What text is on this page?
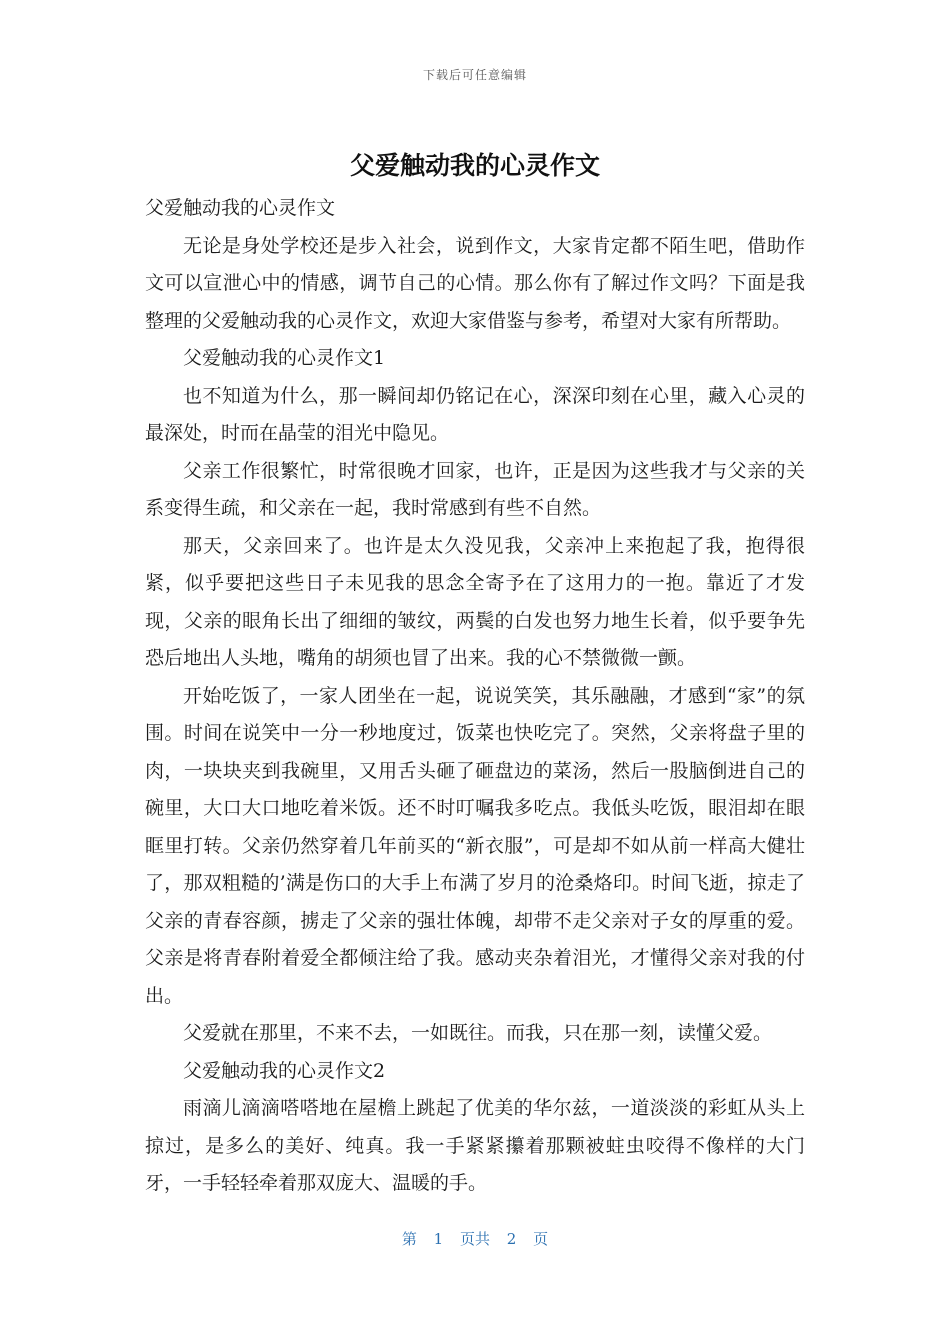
下载后可任意编辑
父爱触动我的心灵作文

父爱触动我的心灵作文

无论是身处学校还是步入社会，说到作文，大家肯定都不陌生吧，借助作文可以宣泄心中的情感，调节自己的心情。那么你有了解过作文吗？下面是我整理的父爱触动我的心灵作文，欢迎大家借鉴与参考，希望对大家有所帮助。

父爱触动我的心灵作文1

也不知道为什么，那一瞬间却仍铭记在心，深深印刻在心里，藏入心灵的最深处，时而在晶莹的泪光中隐见。

父亲工作很繁忙，时常很晚才回家，也许，正是因为这些我才与父亲的关系变得生疏，和父亲在一起，我时常感到有些不自然。

那天，父亲回来了。也许是太久没见我，父亲冲上来抱起了我，抱得很紧，似乎要把这些日子未见我的思念全寄予在了这用力的一抱。靠近了才发现，父亲的眼角长出了细细的皱纹，两鬓的白发也努力地生长着，似乎要争先恐后地出人头地，嘴角的胡须也冒了出来。我的心不禁微微一颤。

开始吃饭了，一家人团坐在一起，说说笑笑，其乐融融，才感到“家”的氛围。时间在说笑中一分一秒地度过，饭菜也快吃完了。突然，父亲将盘子里的肉，一块块夹到我碗里，又用舌头砸了砸盘边的菜汤，然后一股脑倒进自己的碗里，大口大口地吃着米饭。还不时叮嘱我多吃点。我低头吃饭，眼泪却在眼眶里打转。父亲仍然穿着几年前买的“新衣服”，可是却不如从前一样高大健壮了，那双粗糙的’满是伤口的大手上布满了岁月的沧桑烙印。时间飞逝，掠走了父亲的青春容颜，掳走了父亲的强壮体魄，却带不走父亲对子女的厚重的爱。父亲是将青春附着爱全都倾注给了我。感动夹杂着泪光，才懂得父亲对我的付出。

父爱就在那里，不来不去，一如既往。而我，只在那一刻，读懂父爱。

父爱触动我的心灵作文2

雨滴儿滴滴嗒嗒地在屋檐上跳起了优美的华尔兹，一道淡淡的彩虹从头上掠过，是多么的美好、纯真。我一手紧紧攥着那颗被蛀虫咬得不像样的大门牙，一手轻轻牵着那双庞大、温暖的手。

第 1 页共 2 页
